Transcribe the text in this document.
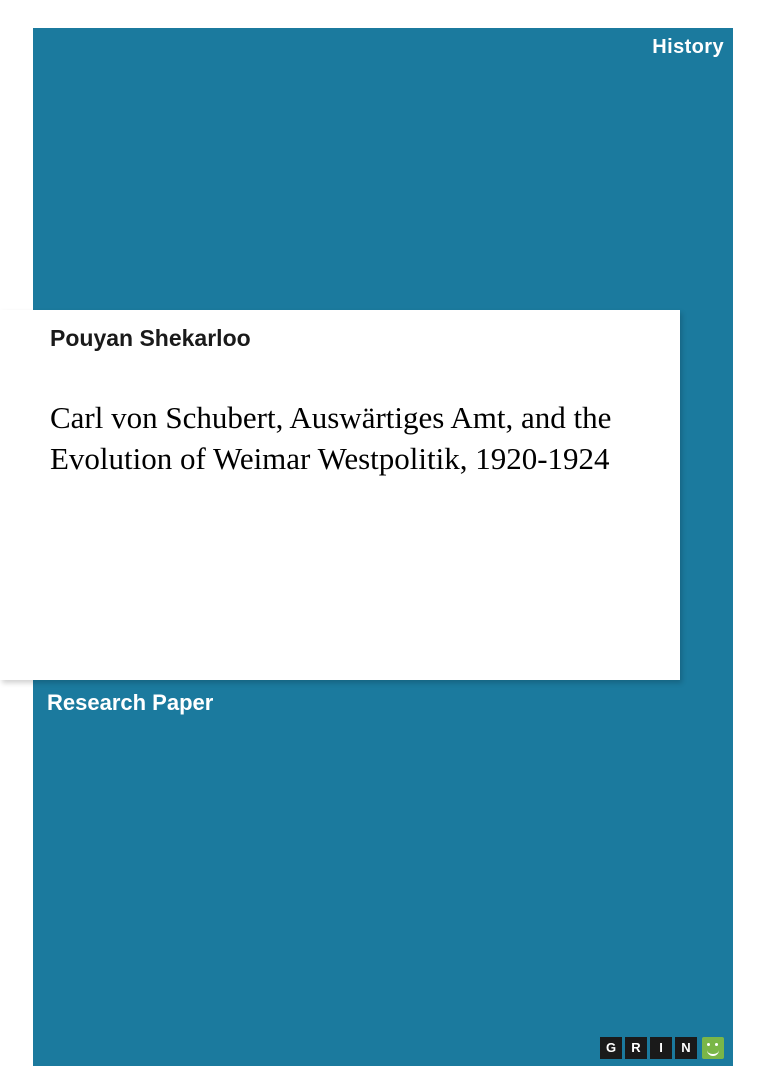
History
Pouyan Shekarloo
Carl von Schubert, Auswärtiges Amt, and the Evolution of Weimar Westpolitik, 1920-1924
Research Paper
G	R	I	N
